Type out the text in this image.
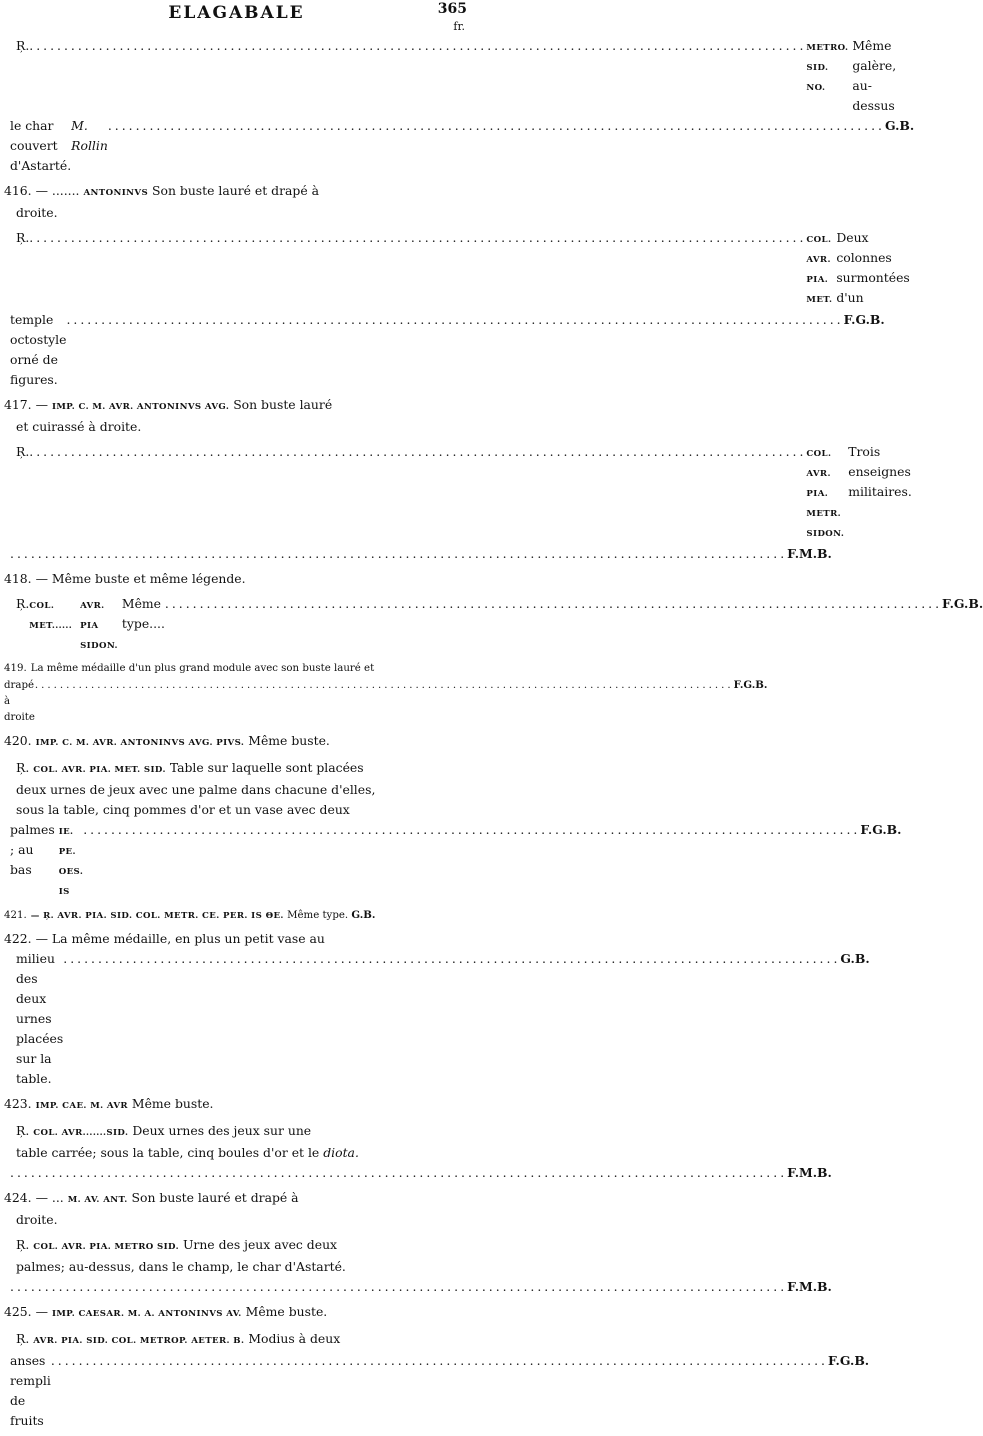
ELAGABALE	365
fr.
Ŗ. ................................................................................................................ METRO. SID. NO.

Même galère, au-dessus
le char couvert d'Astarté.
M. Rollin
................................................................................................................ G.B.
416. — ....... ANTONINVS Son buste lauré et drapé à
droite.
Ŗ. ................................................................................................................ COL. AVR. PIA. MET.

Deux colonnes surmontées d'un
temple octostyle orné de figures.
................................................................................................................ F.G.B.
417. — IMP. C. M. AVR. ANTONINVS AVG. Son buste lauré
et cuirassé à droite.
Ŗ. ................................................................................................................ COL. AVR. PIA. METR. SIDON.

Trois enseignes militaires.
................................................................................................................ F.M.B.
418. — Même buste et même légende.
Ŗ. COL. MET......

AVR. PIA SIDON.

Même type....
................................................................................................................ F.G.B.
419. La même médaille d'un plus grand module avec son buste lauré et
drapé à droite
................................................................................................................ F.G.B.
420. IMP. C. M. AVR. ANTONINVS AVG. PIVS. Même buste.
Ŗ. COL. AVR. PIA. MET. SID. Table sur laquelle sont placées
deux urnes de jeux avec une palme dans chacune d'elles,
sous la table, cinq pommes d'or et un vase avec deux
palmes ; au bas

IE. PE. OES. IS
................................................................................................................ F.G.B.
421. — Ŗ. AVR. PIA. SID. COL. METR. CE. PER. IS ΘE.
Même type.
G.B.
422. — La même médaille, en plus un petit vase au
milieu des deux urnes placées sur la table.
................................................................................................................ G.B.
423. IMP. CAE. M. AVR Même buste.
Ŗ. COL. AVR.......SID. Deux urnes des jeux sur une
table carrée; sous la table, cinq boules d'or et le diota.
................................................................................................................ F.M.B.
424. — ... M. AV. ANT. Son buste lauré et drapé à
droite.
Ŗ. COL. AVR. PIA. METRO SID. Urne des jeux avec deux
palmes; au-dessus, dans le champ, le char d'Astarté.
................................................................................................................ F.M.B.
425. — IMP. CAESAR. M. A. ANTONINVS AV. Même buste.
Ŗ. AVR. PIA. SID. COL. METROP. AETER. B. Modius à deux
anses rempli de fruits
................................................................................................................ F.G.B.
